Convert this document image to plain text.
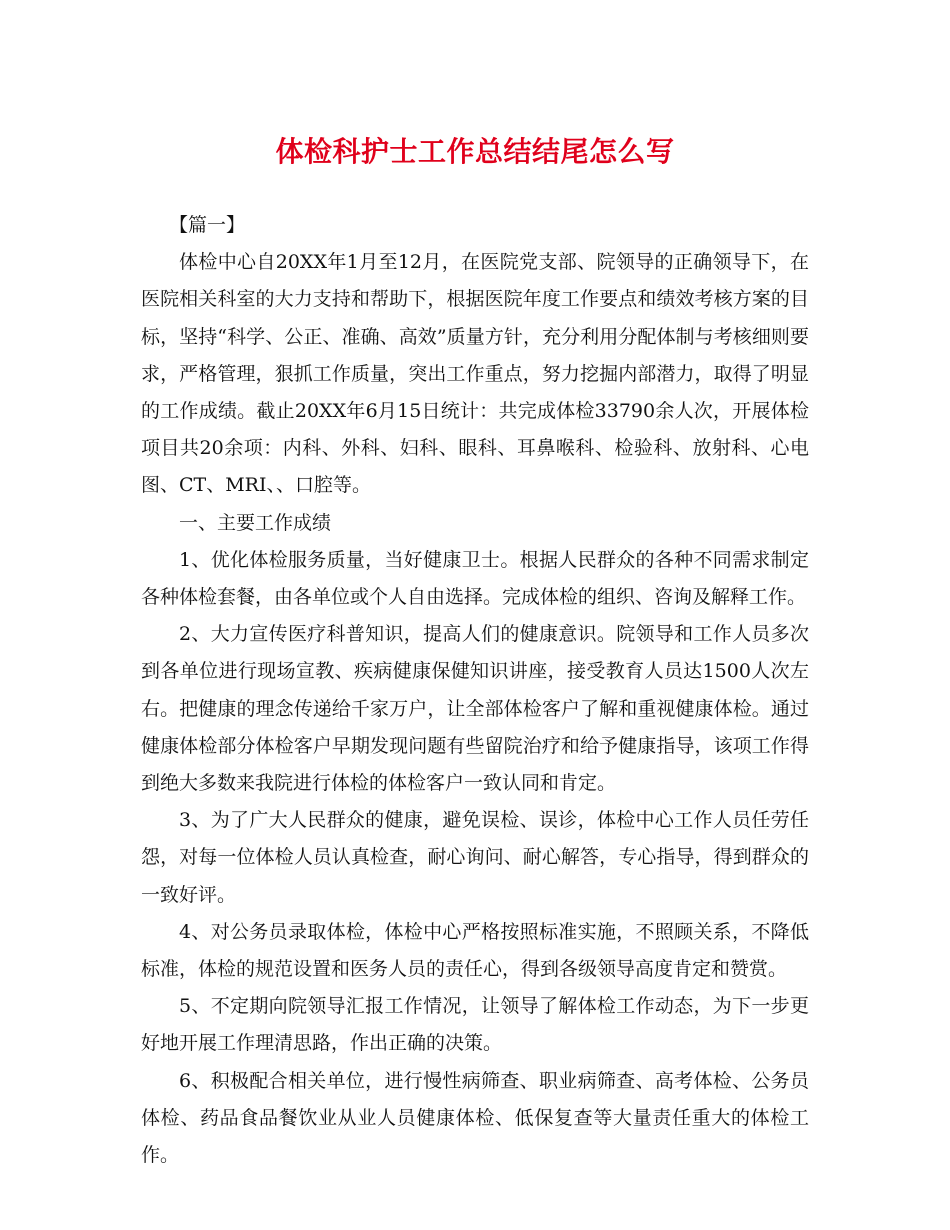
体检科护士工作总结结尾怎么写

【篇一】

体检中心自20XX年1月至12月，在医院党支部、院领导的正确领导下，在医院相关科室的大力支持和帮助下，根据医院年度工作要点和绩效考核方案的目标，坚持“科学、公正、准确、高效”质量方针，充分利用分配体制与考核细则要求，严格管理，狠抓工作质量，突出工作重点，努力挖掘内部潜力，取得了明显的工作成绩。截止20XX年6月15日统计：共完成体检33790余人次，开展体检项目共20余项：内科、外科、妇科、眼科、耳鼻喉科、检验科、放射科、心电图、CT、MRI、、口腔等。

一、主要工作成绩

1、优化体检服务质量，当好健康卫士。根据人民群众的各种不同需求制定各种体检套餐，由各单位或个人自由选择。完成体检的组织、咨询及解释工作。

2、大力宣传医疗科普知识，提高人们的健康意识。院领导和工作人员多次到各单位进行现场宣教、疾病健康保健知识讲座，接受教育人员达1500人次左右。把健康的理念传递给千家万户，让全部体检客户了解和重视健康体检。通过健康体检部分体检客户早期发现问题有些留院治疗和给予健康指导，该项工作得到绝大多数来我院进行体检的体检客户一致认同和肯定。

3、为了广大人民群众的健康，避免误检、误诊，体检中心工作人员任劳任怨，对每一位体检人员认真检查，耐心询问、耐心解答，专心指导，得到群众的一致好评。

4、对公务员录取体检，体检中心严格按照标准实施，不照顾关系，不降低标准，体检的规范设置和医务人员的责任心，得到各级领导高度肯定和赞赏。

5、不定期向院领导汇报工作情况，让领导了解体检工作动态，为下一步更好地开展工作理清思路，作出正确的决策。

6、积极配合相关单位，进行慢性病筛查、职业病筛查、高考体检、公务员体检、药品食品餐饮业从业人员健康体检、低保复查等大量责任重大的体检工作。
